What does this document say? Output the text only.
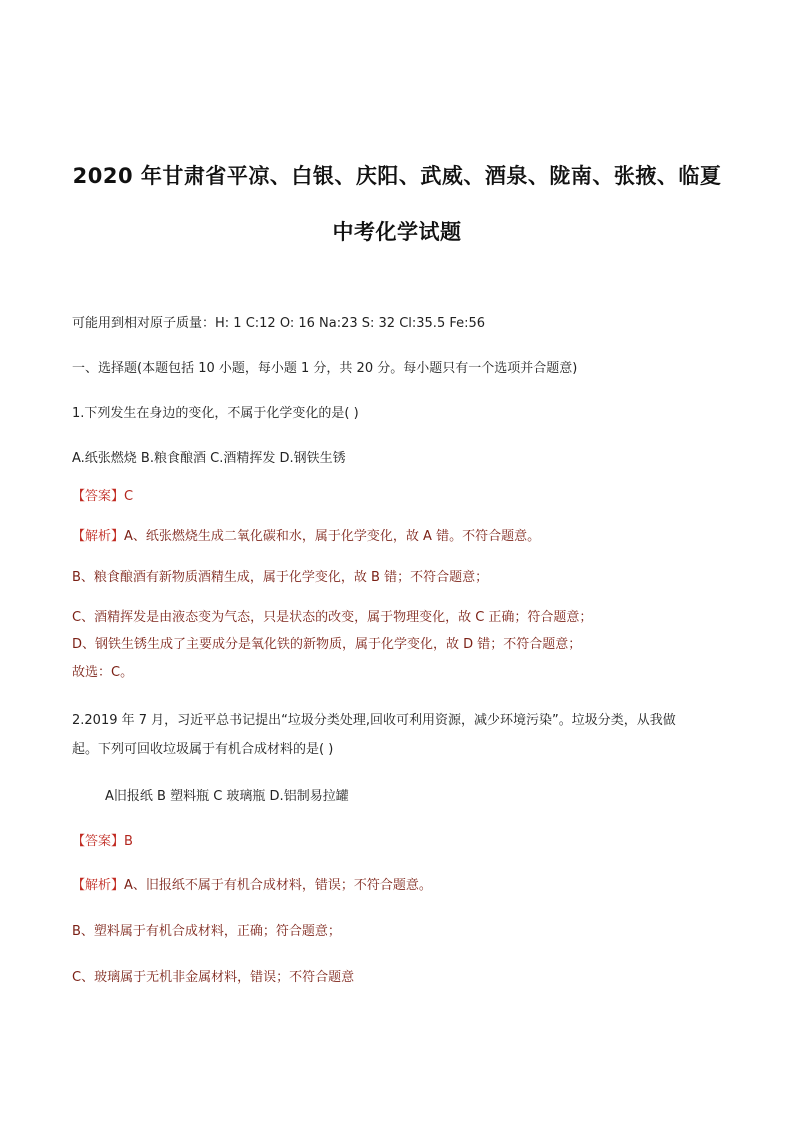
2020 年甘肃省平凉、白银、庆阳、武威、酒泉、陇南、张掖、临夏
中考化学试题
可能用到相对原子质量：H: 1 C:12 O: 16 Na:23 S: 32 Cl:35.5 Fe:56
一、选择题(本题包括 10 小题，每小题 1 分，共 20 分。每小题只有一个选项并合题意)
1.下列发生在身边的变化，不属于化学变化的是( )
A.纸张燃烧 B.粮食酿酒 C.酒精挥发 D.钢铁生锈
【答案】C
【解析】A、纸张燃烧生成二氧化碳和水，属于化学变化，故 A 错。不符合题意。
B、粮食酿酒有新物质酒精生成，属于化学变化，故 B 错；不符合题意；
C、酒精挥发是由液态变为气态，只是状态的改变，属于物理变化，故 C 正确；符合题意；
D、钢铁生锈生成了主要成分是氧化铁的新物质，属于化学变化，故 D 错；不符合题意；
故选：C。
2.2019 年 7 月，习近平总书记提出“垃圾分类处理,回收可利用资源，减少环境污染”。垃圾分类，从我做
起。下列可回收垃圾属于有机合成材料的是( )
A旧报纸 B 塑料瓶 C 玻璃瓶 D.铝制易拉罐
【答案】B
【解析】A、旧报纸不属于有机合成材料，错误；不符合题意。
B、塑料属于有机合成材料，正确；符合题意；
C、玻璃属于无机非金属材料，错误；不符合题意
